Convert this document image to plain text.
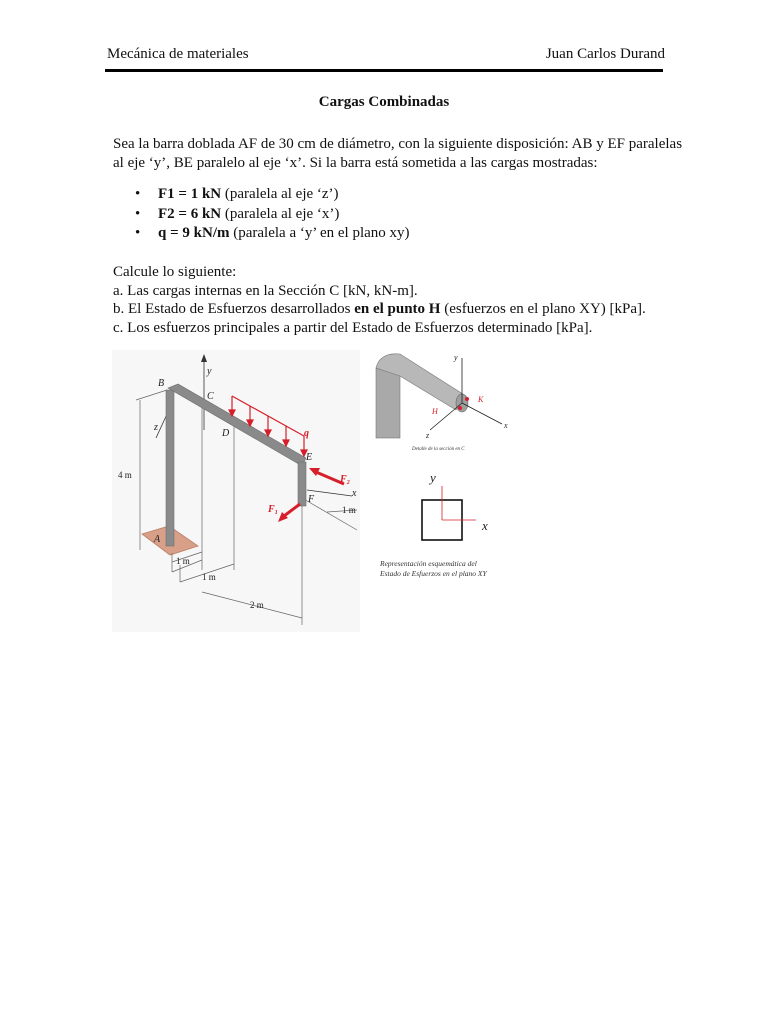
Mecánica de materiales	Juan Carlos Durand
Cargas Combinadas
Sea la barra doblada AF de 30 cm de diámetro, con la siguiente disposición: AB y EF paralelas
al eje ‘y’, BE paralelo al eje ‘x’. Si la barra está sometida a las cargas mostradas:
• F1 = 1 kN (paralela al eje ‘z’)
• F2 = 6 kN (paralela al eje ‘x’)
• q = 9 kN/m (paralela a ‘y’ en el plano xy)
Calcule lo siguiente:
a. Las cargas internas en la Sección C [kN, kN-m].
b. El Estado de Esfuerzos desarrollados en el punto H (esfuerzos en el plano XY) [kPa].
c. Los esfuerzos principales a partir del Estado de Esfuerzos determinado [kPa].
B
C
D
E
F
A
y
z
x
q
F₂
F₁
4 m
1 m
1 m
2 m
1 m
y
x
z
H
K
Detalle de la sección en C
y
x
Representación esquemática del
Estado de Esfuerzos en el plano XY
